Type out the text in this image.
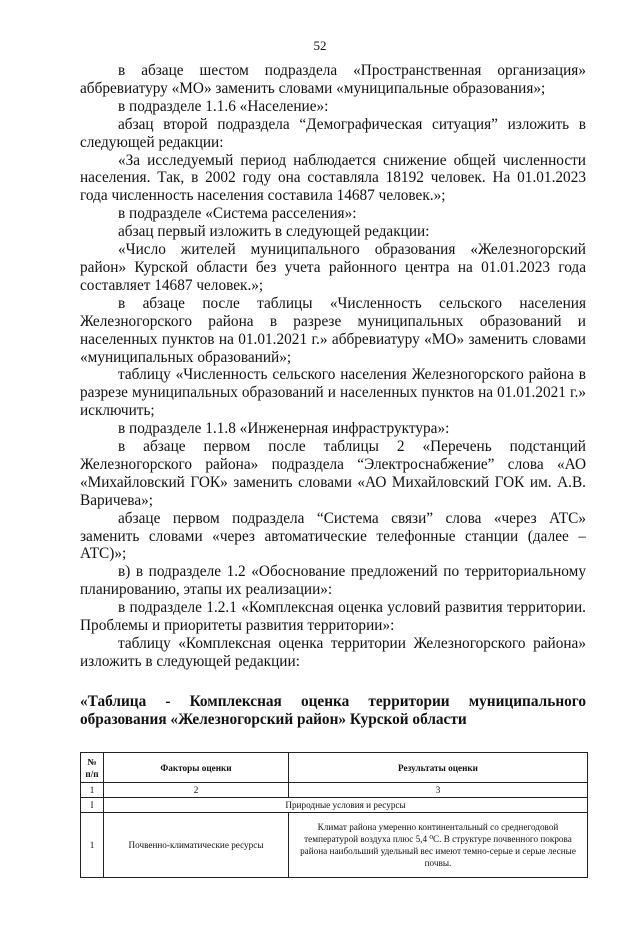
52

в абзаце шестом подраздела «Пространственная организация» аббревиатуру «МО» заменить словами «муниципальные образования»;

в подразделе 1.1.6 «Население»:

абзац второй подраздела “Демографическая ситуация” изложить в следующей редакции:

«За исследуемый период наблюдается снижение общей численности населения. Так, в 2002 году она составляла 18192 человек. На 01.01.2023 года численность населения составила 14687 человек.»;

в подразделе «Система расселения»:

абзац первый изложить в следующей редакции:

«Число жителей муниципального образования «Железногорский район» Курской области без учета районного центра на 01.01.2023 года составляет 14687 человек.»;

в абзаце после таблицы «Численность сельского населения Железногорского района в разрезе муниципальных образований и населенных пунктов на 01.01.2021 г.» аббревиатуру «МО» заменить словами «муниципальных образований»;

таблицу «Численность сельского населения Железногорского района в разрезе муниципальных образований и населенных пунктов на 01.01.2021 г.» исключить;

в подразделе 1.1.8 «Инженерная инфраструктура»:

в абзаце первом после таблицы 2 «Перечень подстанций Железногорского района» подраздела “Электроснабжение” слова «АО «Михайловский ГОК» заменить словами «АО Михайловский ГОК им. А.В. Варичева»;

абзаце первом подраздела “Система связи” слова «через АТС» заменить словами «через автоматические телефонные станции (далее – АТС)»;

в) в подразделе 1.2 «Обоснование предложений по территориальному планированию, этапы их реализации»:

в подразделе 1.2.1 «Комплексная оценка условий развития территории. Проблемы и приоритеты развития территории»:

таблицу «Комплексная оценка территории Железногорского района» изложить в следующей редакции:

«Таблица - Комплексная оценка территории муниципального образования «Железногорский район» Курской области

№ п/п	Факторы оценки	Результаты оценки
1	2	3
I	Природные условия и ресурсы	
1	Почвенно-климатические ресурсы	Климат района умеренно континентальный со среднегодовой температурой воздуха плюс 5,4 ⁰С. В структуре почвенного покрова района наибольший удельный вес имеют темно-серые и серые лесные почвы.
